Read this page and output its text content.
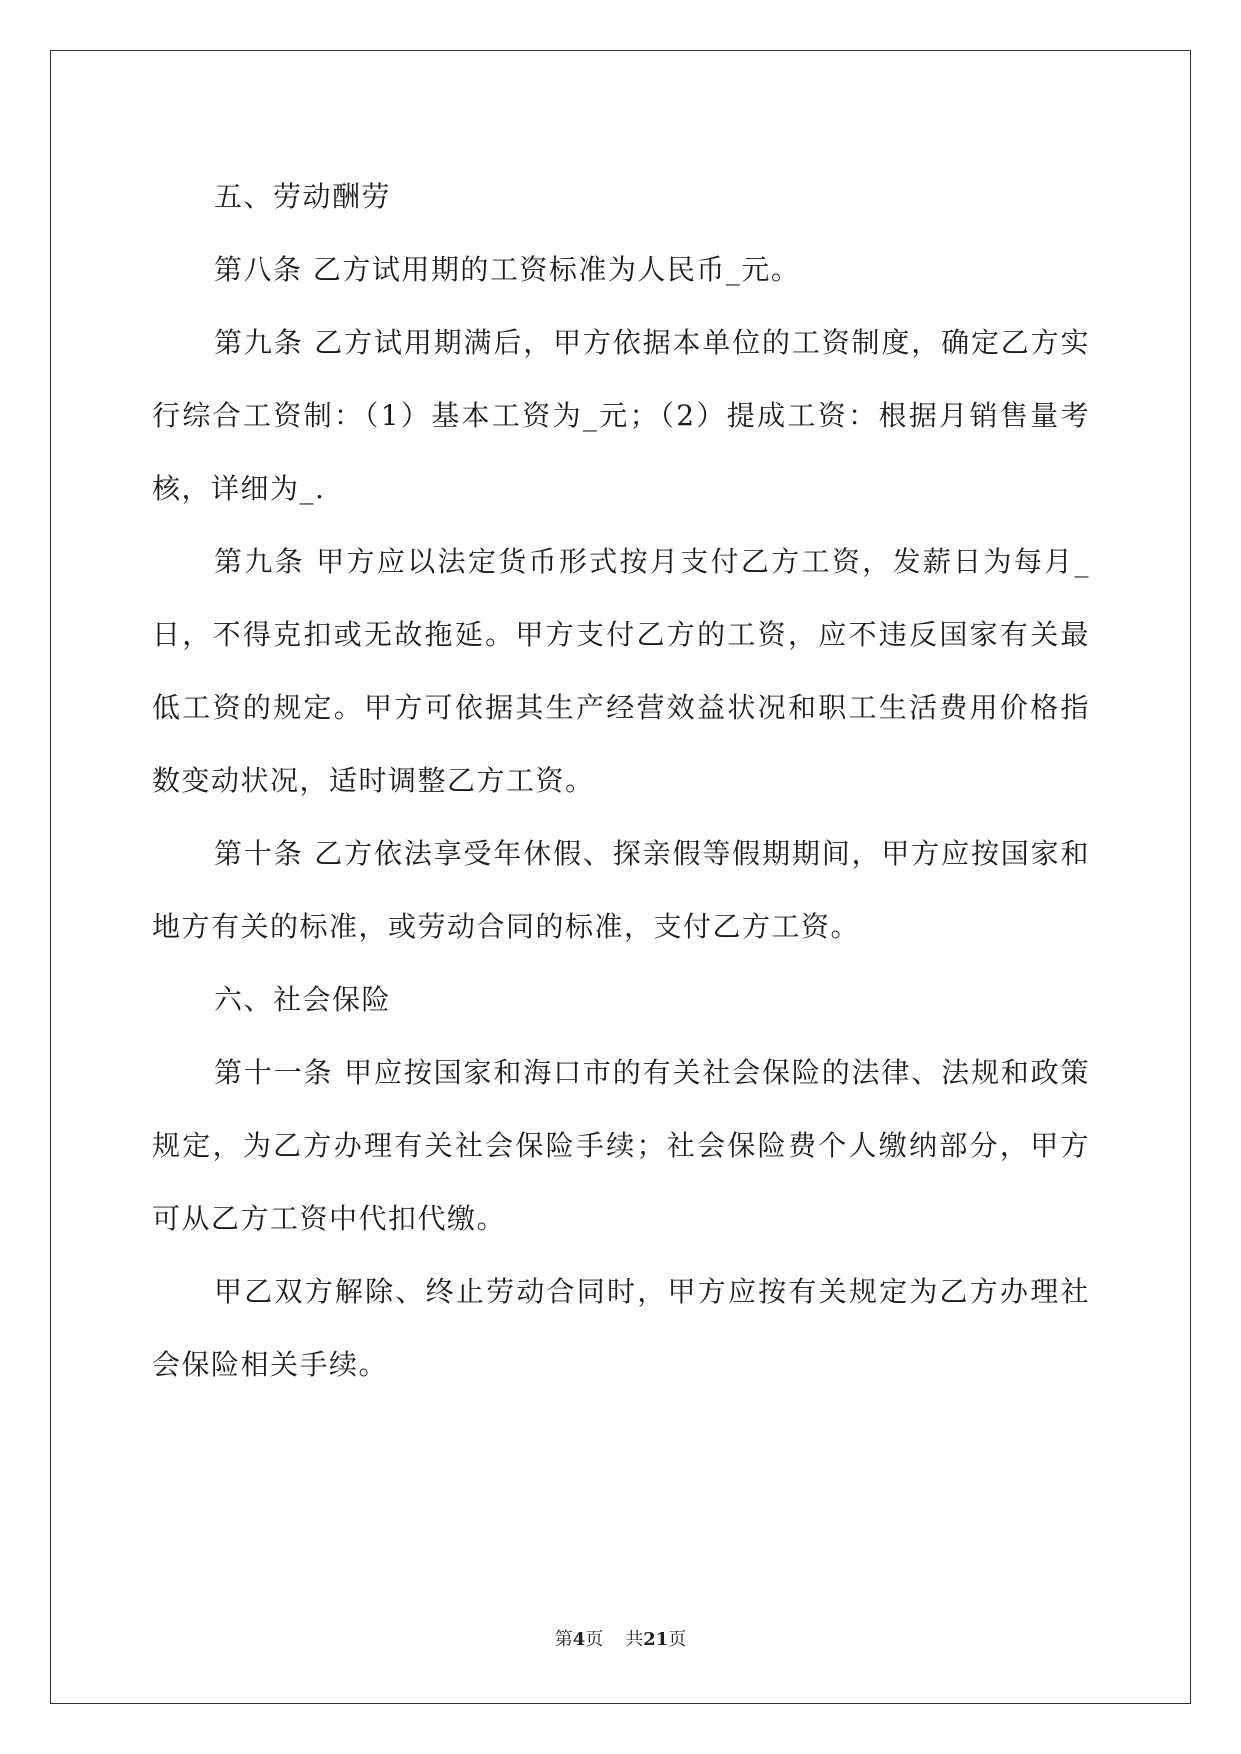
五、劳动酬劳

第八条 乙方试用期的工资标准为人民币_元。

第九条 乙方试用期满后，甲方依据本单位的工资制度，确定乙方实行综合工资制：（1）基本工资为_元；（2）提成工资：根据月销售量考核，详细为_.

第九条 甲方应以法定货币形式按月支付乙方工资，发薪日为每月_日，不得克扣或无故拖延。甲方支付乙方的工资，应不违反国家有关最低工资的规定。甲方可依据其生产经营效益状况和职工生活费用价格指数变动状况，适时调整乙方工资。

第十条 乙方依法享受年休假、探亲假等假期期间，甲方应按国家和地方有关的标准，或劳动合同的标准，支付乙方工资。

六、社会保险

第十一条 甲应按国家和海口市的有关社会保险的法律、法规和政策规定，为乙方办理有关社会保险手续；社会保险费个人缴纳部分，甲方可从乙方工资中代扣代缴。

甲乙双方解除、终止劳动合同时，甲方应按有关规定为乙方办理社会保险相关手续。

第4页 共21页
